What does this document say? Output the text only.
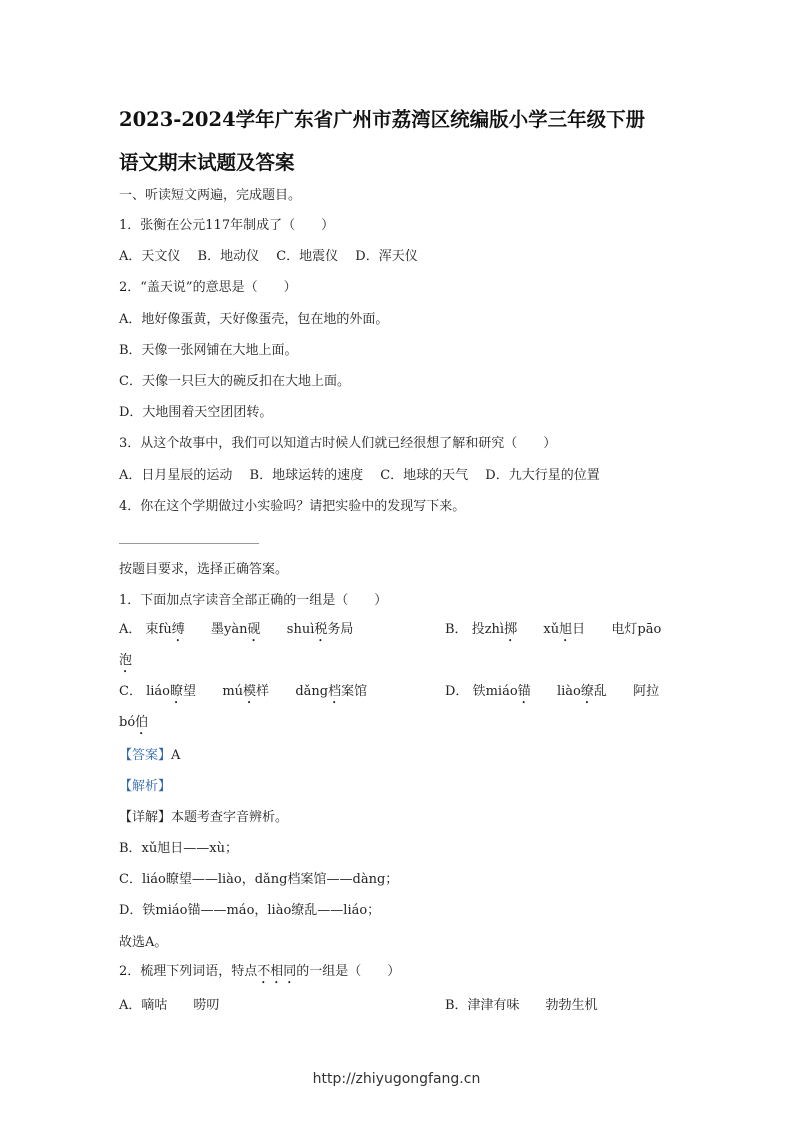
2023-2024学年广东省广州市荔湾区统编版小学三年级下册
语文期末试题及答案
一、听读短文两遍，完成题目。
1．张衡在公元117年制成了（　　）
A．天文仪　 B．地动仪　 C．地震仪　 D．浑天仪
2．“盖天说”的意思是（　　）
A．地好像蛋黄，天好像蛋壳，包在地的外面。
B．天像一张网铺在大地上面。
C．天像一只巨大的碗反扣在大地上面。
D．大地围着天空团团转。
3．从这个故事中，我们可以知道古时候人们就已经很想了解和研究（　　）
A．日月星辰的运动　 B．地球运转的速度　 C．地球的天气　 D．九大行星的位置
4．你在这个学期做过小实验吗？请把实验中的发现写下来。
按题目要求，选择正确答案。
1．下面加点字读音全部正确的一组是（　　）
A． 束fù缚 墨yàn砚 shuì税务局	B． 投zhì掷 xǔ旭日 电灯pāo
泡
C． liáo瞭望 mú模样 dǎng档案馆	D． 铁miáo锚 liào缭乱 阿拉
bó伯
【答案】A
【解析】
【详解】本题考查字音辨析。
B．xǔ旭日——xù；
C．liáo瞭望——liào，dǎng档案馆——dàng；
D．铁miáo锚——máo，liào缭乱——liáo；
故选A。
2．梳理下列词语，特点不相同的一组是（　　）
A．嘀咕　　唠叨	B．津津有味　　勃勃生机
http://zhiyugongfang.cn
